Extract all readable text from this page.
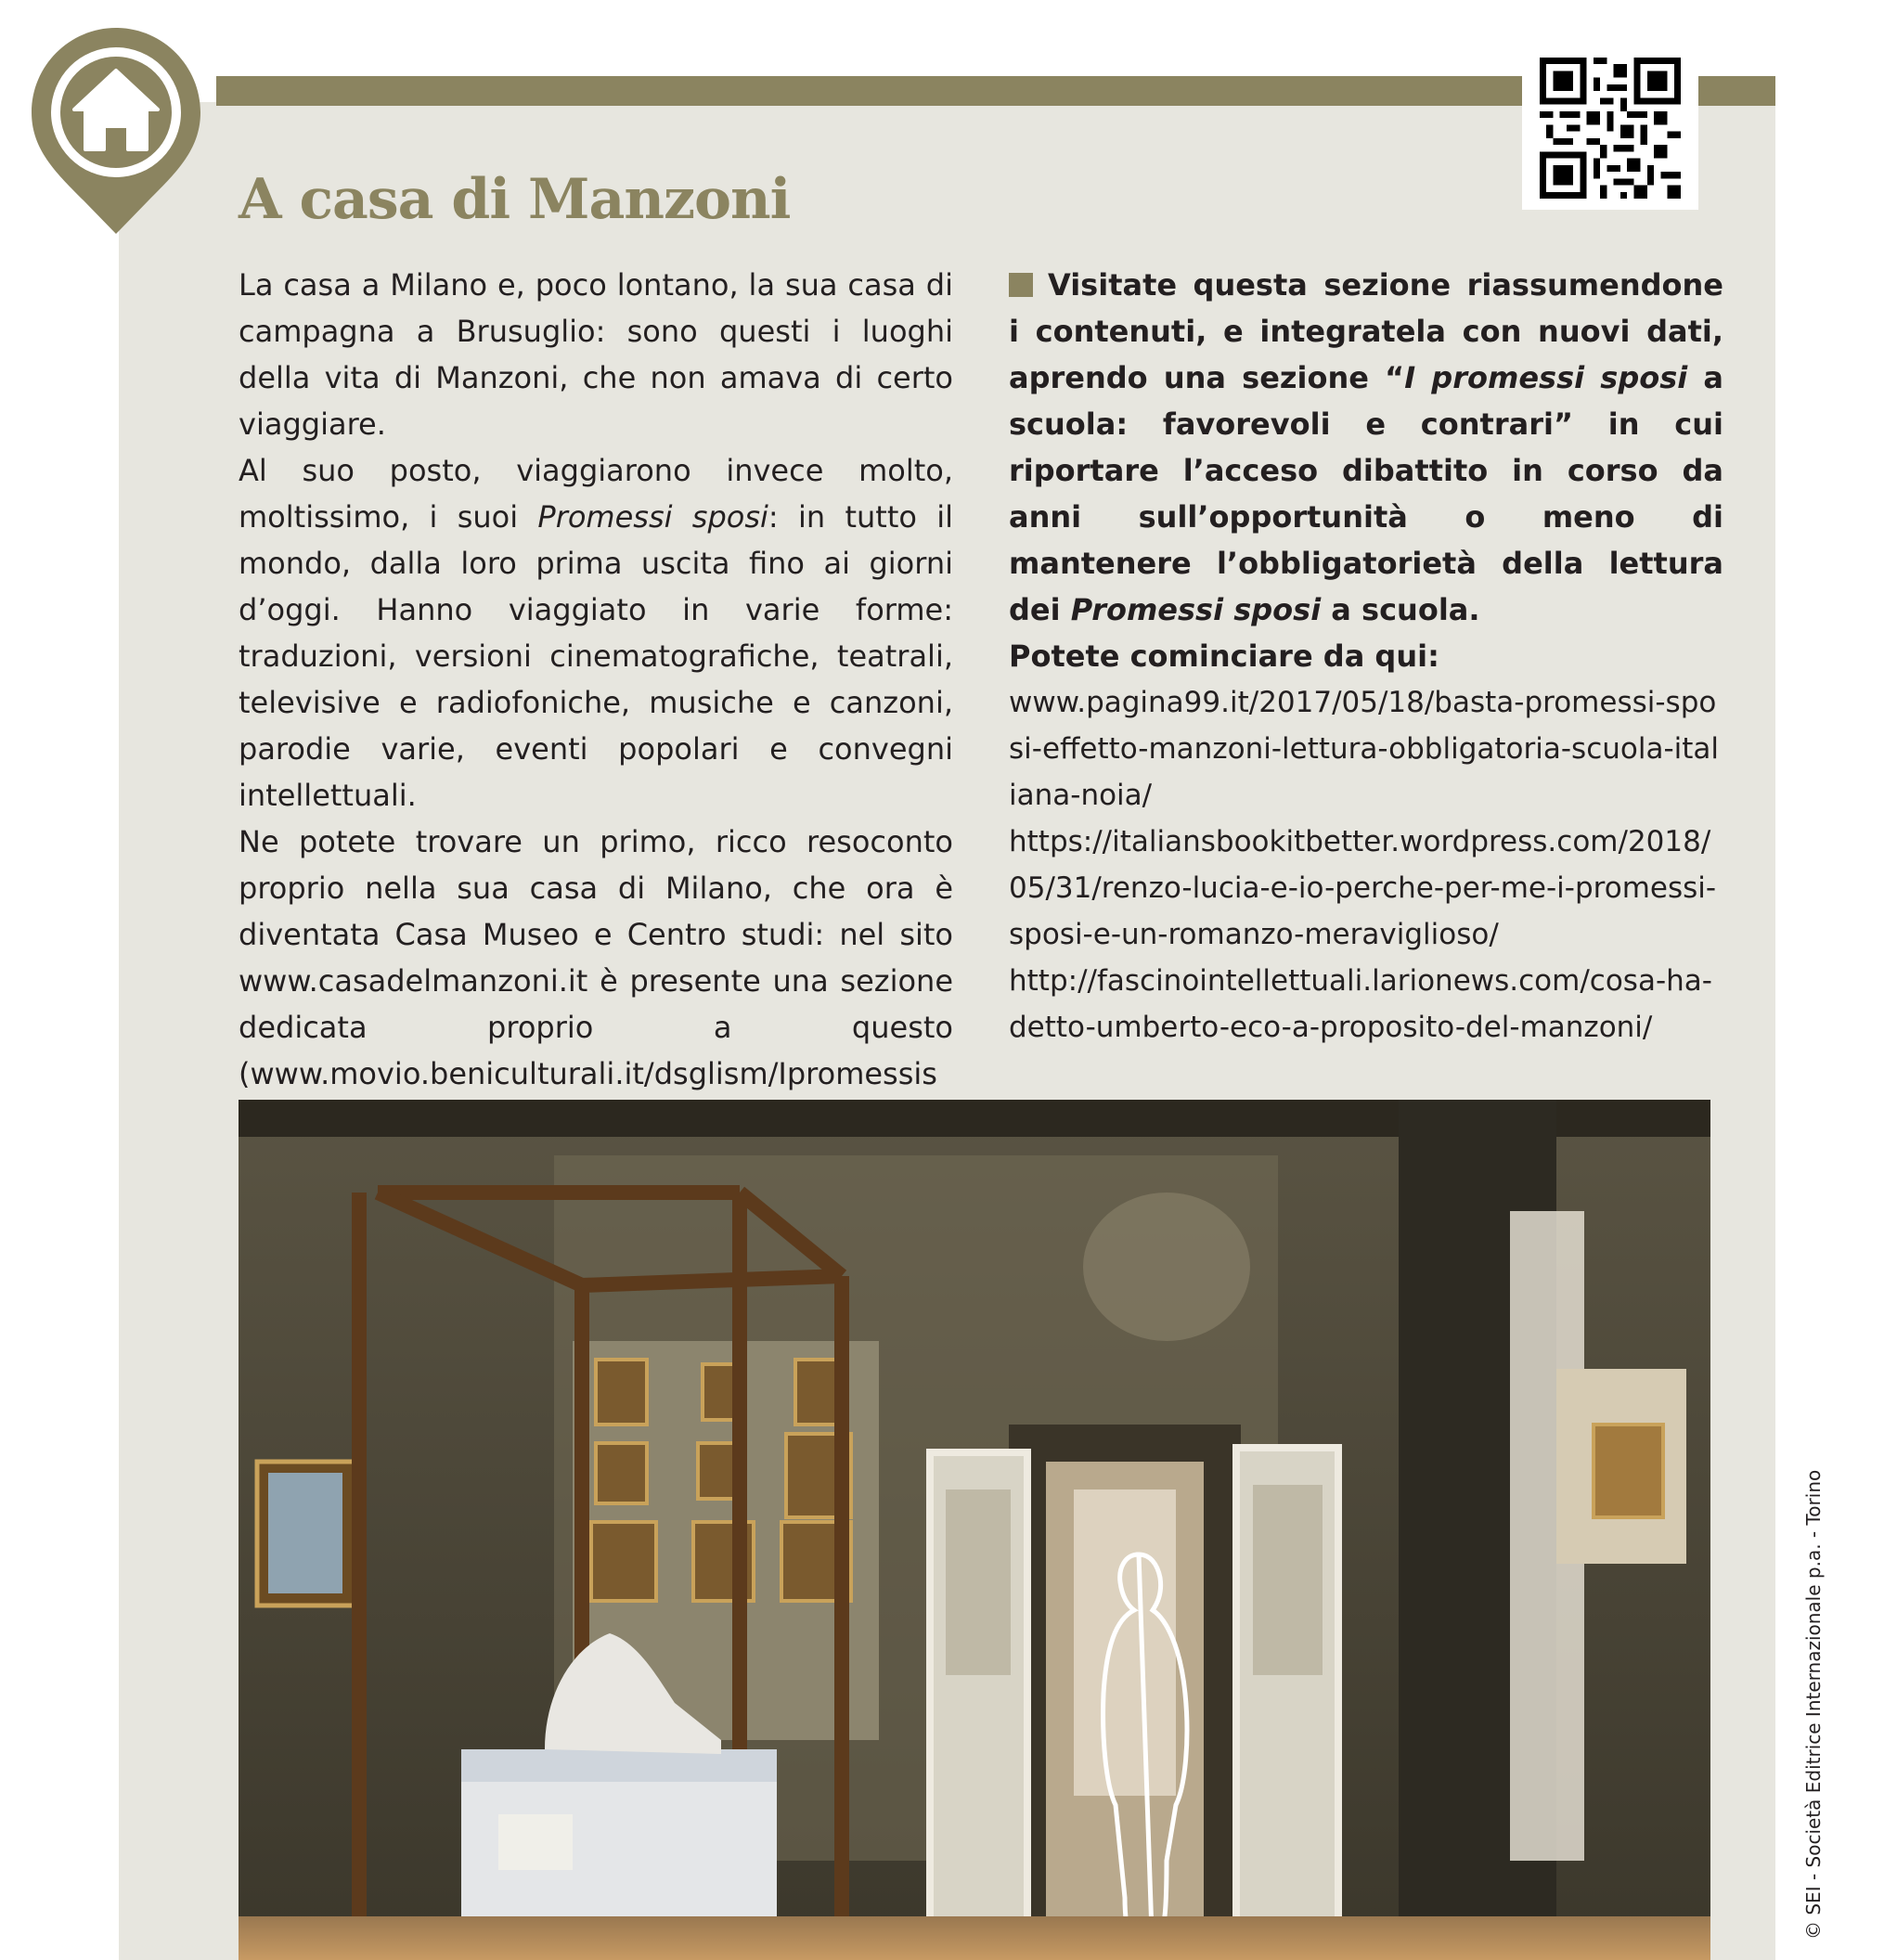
A casa di Manzoni

La casa a Milano e, poco lontano, la sua casa di campagna a Brusuglio: sono questi i luoghi della vita di Manzoni, che non amava di certo viaggiare.

Al suo posto, viaggiarono invece molto, moltissimo, i suoi Promessi sposi: in tutto il mondo, dalla loro prima uscita fino ai giorni d’oggi. Hanno viaggiato in varie forme: traduzioni, versioni cinematografiche, teatrali, televisive e radiofoniche, musiche e canzoni, parodie varie, eventi popolari e convegni intellettuali.

Ne potete trovare un primo, ricco resoconto proprio nella sua casa di Milano, che ora è diventata Casa Museo e Centro studi: nel sito www.casadelmanzoni.it è presente una sezione dedicata proprio a questo (www.movio.beniculturali.it/dsglism/Ipromessis

Visitate questa sezione riassumendone i contenuti, e integratela con nuovi dati, aprendo una sezione “I promessi sposi a scuola: favorevoli e contrari” in cui riportare l’acceso dibattito in corso da anni sull’opportunità o meno di mantenere l’obbligatorietà della lettura dei Promessi sposi a scuola.

Potete cominciare da qui:

www.pagina99.it/2017/05/18/basta-promessi-sposi-effetto-manzoni-lettura-obbligatoria-scuola-italiana-noia/

https://italiansbookitbetter.wordpress.com/2018/05/31/renzo-lucia-e-io-perche-per-me-i-promessi-sposi-e-un-romanzo-meraviglioso/

http://fascinointellettuali.larionews.com/cosa-ha-detto-umberto-eco-a-proposito-del-manzoni/

© SEI - Società Editrice Internazionale p.a. - Torino
